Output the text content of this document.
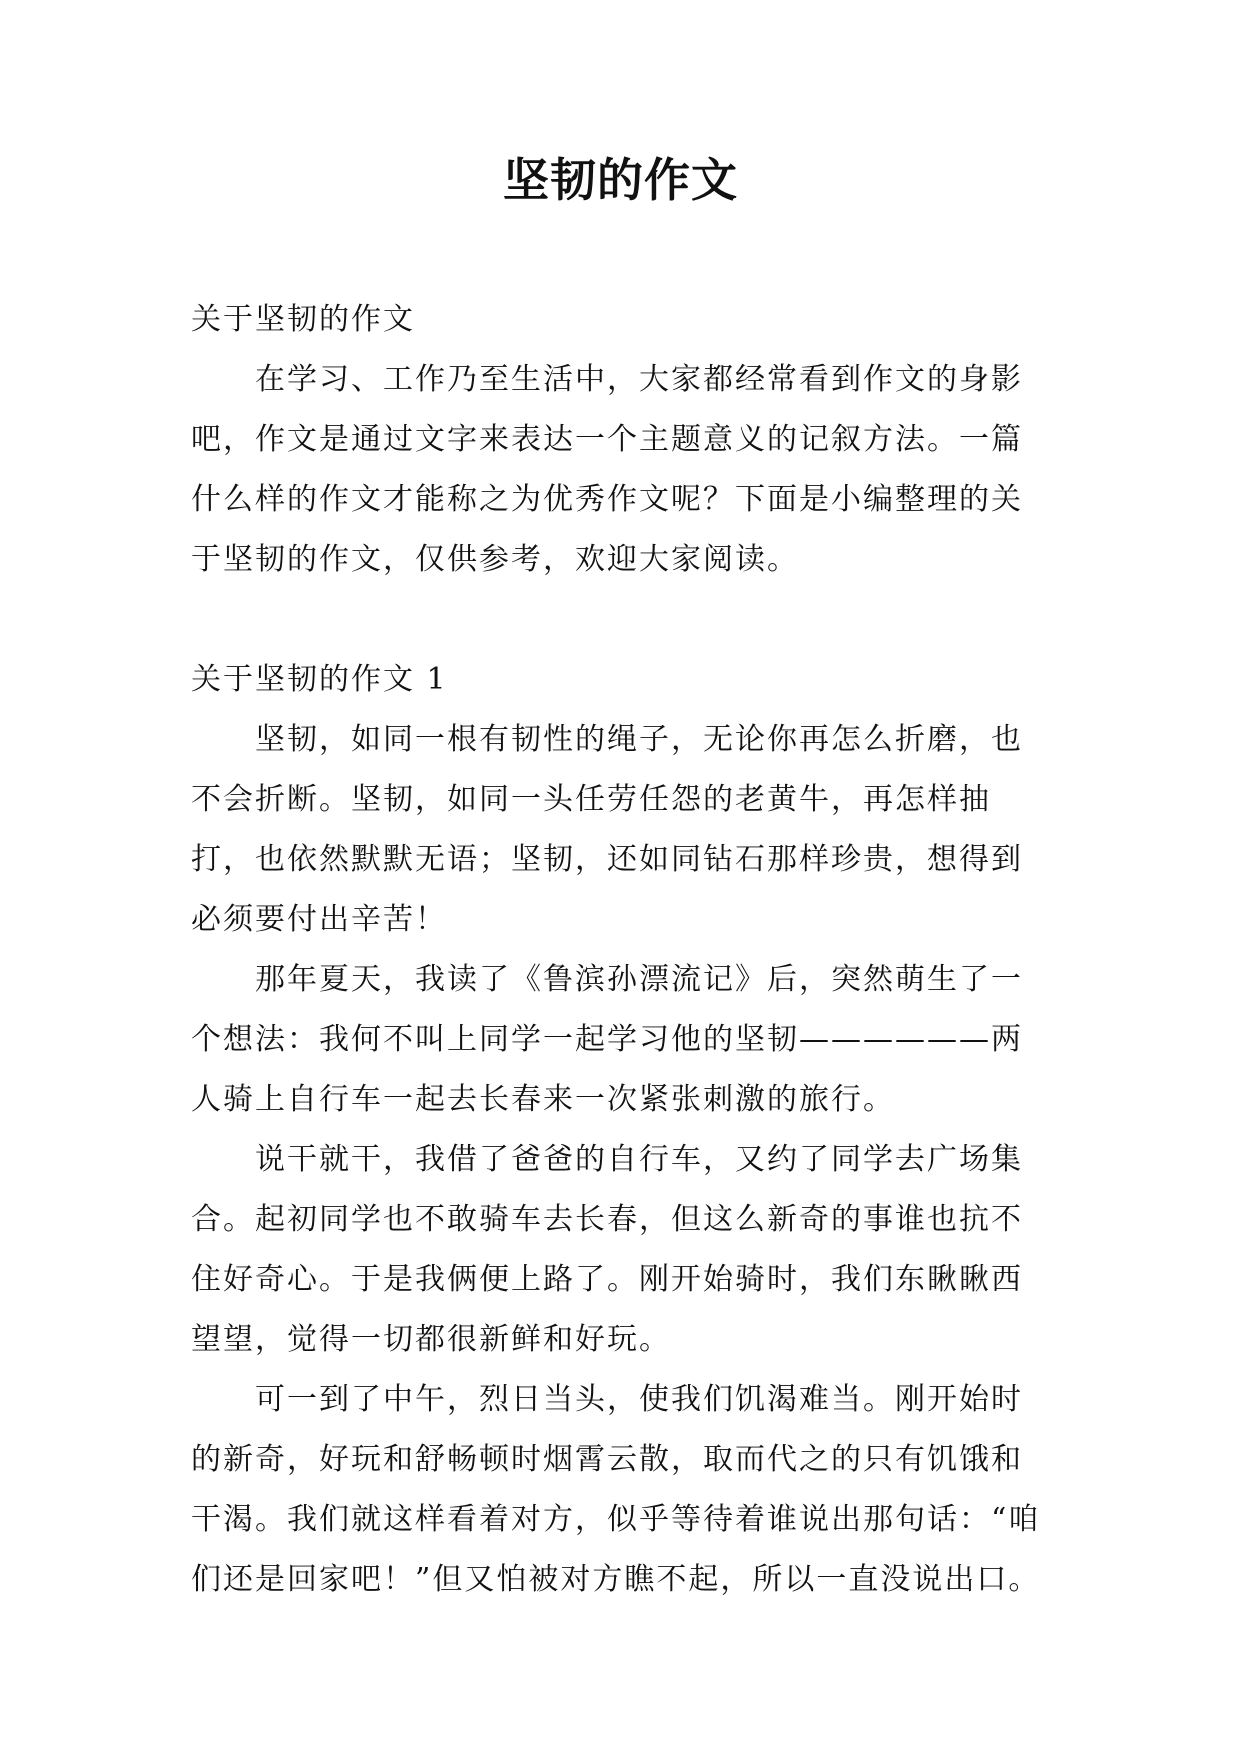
坚韧的作文

关于坚韧的作文

在学习、工作乃至生活中，大家都经常看到作文的身影吧，作文是通过文字来表达一个主题意义的记叙方法。一篇什么样的作文才能称之为优秀作文呢？下面是小编整理的关于坚韧的作文，仅供参考，欢迎大家阅读。

关于坚韧的作文 1

坚韧，如同一根有韧性的绳子，无论你再怎么折磨，也不会折断。坚韧，如同一头任劳任怨的老黄牛，再怎样抽打，也依然默默无语；坚韧，还如同钻石那样珍贵，想得到必须要付出辛苦！

那年夏天，我读了《鲁滨孙漂流记》后，突然萌生了一个想法：我何不叫上同学一起学习他的坚韧——————两人骑上自行车一起去长春来一次紧张刺激的旅行。

说干就干，我借了爸爸的自行车，又约了同学去广场集合。起初同学也不敢骑车去长春，但这么新奇的事谁也抗不住好奇心。于是我俩便上路了。刚开始骑时，我们东瞅瞅西望望，觉得一切都很新鲜和好玩。

可一到了中午，烈日当头，使我们饥渴难当。刚开始时的新奇，好玩和舒畅顿时烟霄云散，取而代之的只有饥饿和干渴。我们就这样看着对方，似乎等待着谁说出那句话：“咱们还是回家吧！”但又怕被对方瞧不起，所以一直没说出口。
